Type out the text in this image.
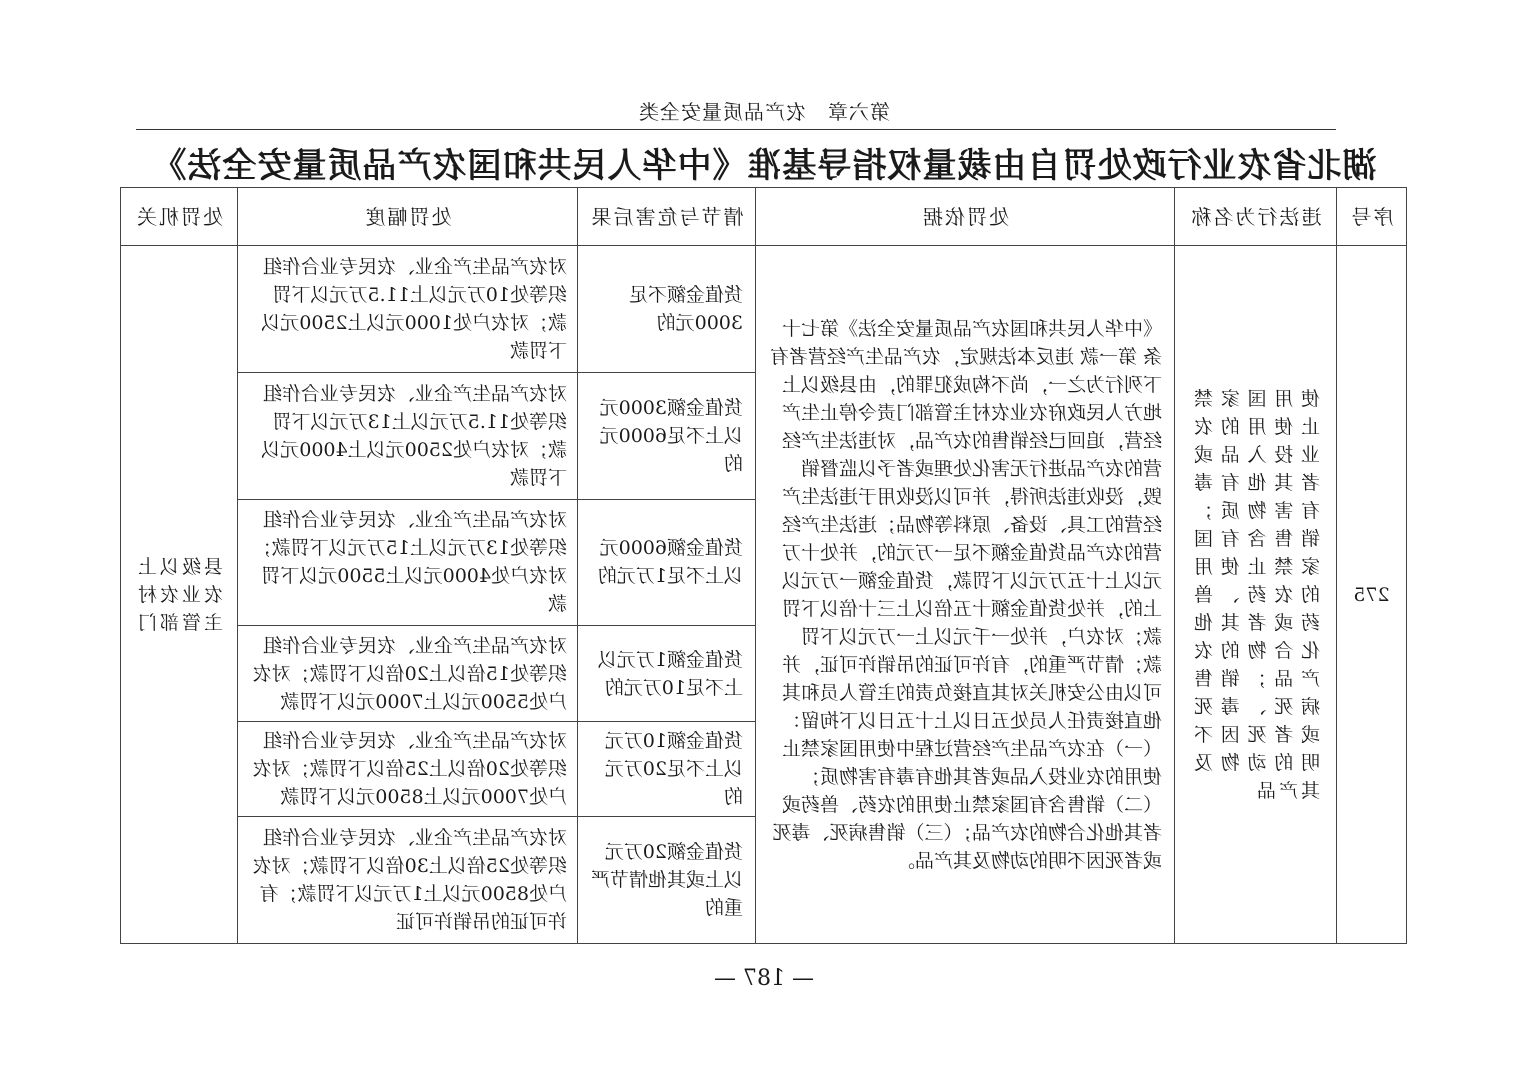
第六章　农产品质量安全类
湖北省农业行政处罚自由裁量权指导基准《中华人民共和国农产品质量安全法》
序号	违法行为名称	处罚依据	情节与危害后果	处罚幅度	处罚机关
275	使用国家禁止使用的农业投入品或者其他有毒有害物质；销售含有国家禁止使用的农药、兽药或者其他化合物的农产品；销售病死、毒死或者死因不明的动物及其产品	《中华人民共和国农产品质量安全法》第七十条 第一款 违反本法规定，农产品生产经营者有下列行为之一，尚不构成犯罪的，由县级以上地方人民政府农业农村主管部门责令停止生产经营，追回已经销售的农产品，对违法生产经营的农产品进行无害化处理或者予以监督销毁，没收违法所得，并可以没收用于违法生产经营的工具、设备、原料等物品；违法生产经营的农产品货值金额不足一万元的，并处十万元以上十五万元以下罚款，货值金额一万元以上的，并处货值金额十五倍以上三十倍以下罚款；对农户，并处一千元以上一万元以下罚款；情节严重的，有许可证的吊销许可证，并可以由公安机关对其直接负责的主管人员和其他直接责任人员处五日以上十五日以下拘留：（一）在农产品生产经营过程中使用国家禁止使用的农业投入品或者其他有毒有害物质；（二）销售含有国家禁止使用的农药、兽药或者其他化合物的农产品；（三）销售病死、毒死或者死因不明的动物及其产品。	货值金额不足3000元的	对农产品生产企业、农民专业合作组织等处10万元以上11.5万元以下罚款；对农户处1000元以上2500元以下罚款	县级以上农业农村主管部门
			货值金额3000元以上不足6000元的	对农产品生产企业、农民专业合作组织等处11.5万元以上13万元以下罚款；对农户处2500元以上4000元以下罚款	
			货值金额6000元以上不足1万元的	对农产品生产企业、农民专业合作组织等处13万元以上15万元以下罚款；对农户处4000元以上5500元以下罚款	
			货值金额1万元以上不足10万元的	对农产品生产企业、农民专业合作组织等处15倍以上20倍以下罚款；对农户处5500元以上7000元以下罚款	
			货值金额10万元以上不足20万元的	对农产品生产企业、农民专业合作组织等处20倍以上25倍以下罚款；对农户处7000元以上8500元以下罚款	
			货值金额20万元以上或其他情节严重的	对农产品生产企业、农民专业合作组织等处25倍以上30倍以下罚款；对农户处8500元以上1万元以下罚款；有许可证的吊销许可证	
— 187 —
